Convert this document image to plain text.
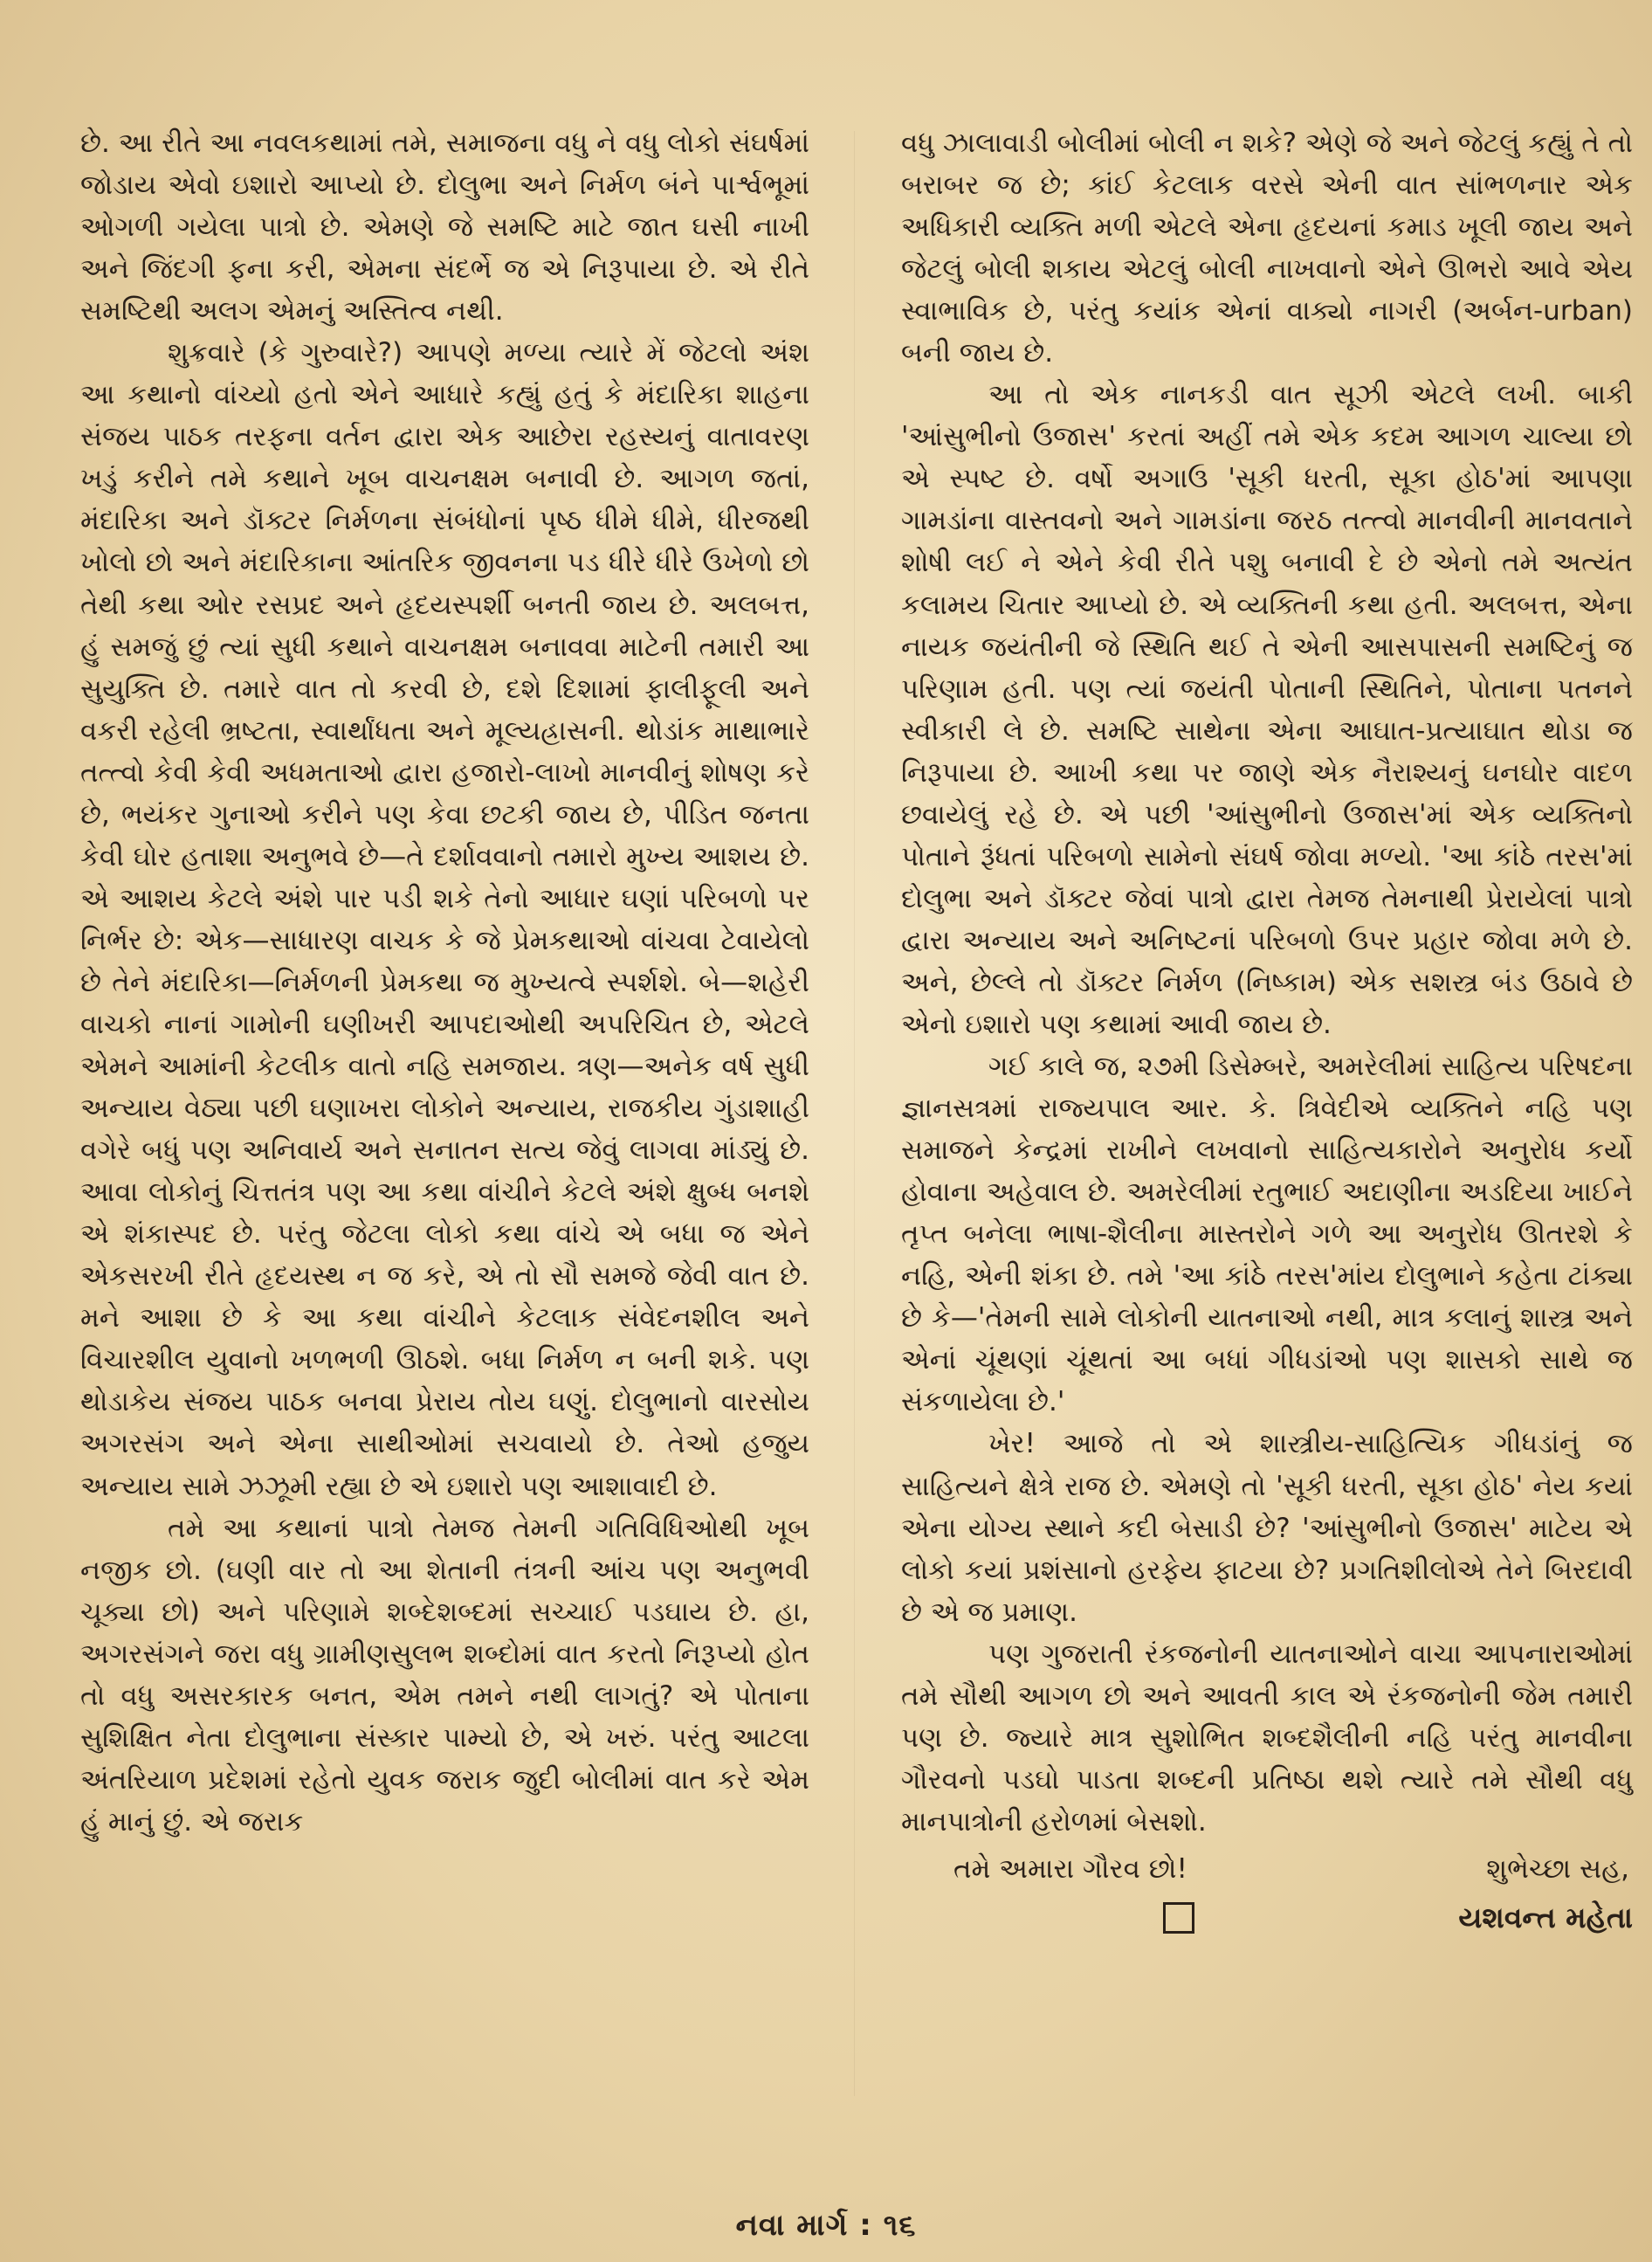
છે. આ રીતે આ નવલકથામાં તમે, સમાજના વધુ ને વધુ લોકો સંઘર્ષમાં જોડાય એવો ઇશારો આપ્યો છે. દોલુભા અને નિર્મળ બંને પાર્શ્વભૂમાં ઓગળી ગયેલા પાત્રો છે. એમણે જે સમષ્ટિ માટે જાત ઘસી નાખી અને જિંદગી ફના કરી, એમના સંદર્ભે જ એ નિરૂપાયા છે. એ રીતે સમષ્ટિથી અલગ એમનું અસ્તિત્વ નથી.

શુક્રવારે (કે ગુરુવારે?) આપણે મળ્યા ત્યારે મેં જેટલો અંશ આ કથાનો વાંચ્યો હતો એને આધારે કહ્યું હતું કે મંદારિકા શાહના સંજય પાઠક તરફના વર્તન દ્વારા એક આછેરા રહસ્યનું વાતાવરણ ખડું કરીને તમે કથાને ખૂબ વાચનક્ષમ બનાવી છે. આગળ જતાં, મંદારિકા અને ડૉક્ટર નિર્મળના સંબંધોનાં પૃષ્ઠ ધીમે ધીમે, ધીરજથી ખોલો છો અને મંદારિકાના આંતરિક જીવનના પડ ધીરે ધીરે ઉખેળો છો તેથી કથા ઓર રસપ્રદ અને હૃદયસ્પર્શી બનતી જાય છે. અલબત્ત, હું સમજું છું ત્યાં સુધી કથાને વાચનક્ષમ બનાવવા માટેની તમારી આ સુયુક્તિ છે. તમારે વાત તો કરવી છે, દશે દિશામાં ફાલીફૂલી અને વકરી રહેલી ભ્રષ્ટતા, સ્વાર્થાંધતા અને મૂલ્યહ્રાસની. થોડાંક માથાભારે તત્ત્વો કેવી કેવી અધમતાઓ દ્વારા હજારો-લાખો માનવીનું શોષણ કરે છે, ભયંકર ગુનાઓ કરીને પણ કેવા છટકી જાય છે, પીડિત જનતા કેવી ઘોર હતાશા અનુભવે છે—તે દર્શાવવાનો તમારો મુખ્ય આશય છે. એ આશય કેટલે અંશે પાર પડી શકે તેનો આધાર ઘણાં પરિબળો પર નિર્ભર છે: એક—સાધારણ વાચક કે જે પ્રેમકથાઓ વાંચવા ટેવાયેલો છે તેને મંદારિકા—નિર્મળની પ્રેમકથા જ મુખ્યત્વે સ્પર્શશે. બે—શહેરી વાચકો નાનાં ગામોની ઘણીખરી આપદાઓથી અપરિચિત છે, એટલે એમને આમાંની કેટલીક વાતો નહિ સમજાય. ત્રણ—અનેક વર્ષ સુધી અન્યાય વેઠ્યા પછી ઘણાખરા લોકોને અન્યાય, રાજકીય ગુંડાશાહી વગેરે બધું પણ અનિવાર્ય અને સનાતન સત્ય જેવું લાગવા માંડ્યું છે. આવા લોકોનું ચિત્તતંત્ર પણ આ કથા વાંચીને કેટલે અંશે ક્ષુબ્ધ બનશે એ શંકાસ્પદ છે. પરંતુ જેટલા લોકો કથા વાંચે એ બધા જ એને એકસરખી રીતે હૃદયસ્થ ન જ કરે, એ તો સૌ સમજે જેવી વાત છે. મને આશા છે કે આ કથા વાંચીને કેટલાક સંવેદનશીલ અને વિચારશીલ યુવાનો ખળભળી ઊઠશે. બધા નિર્મળ ન બની શકે. પણ થોડાકેય સંજય પાઠક બનવા પ્રેરાય તોય ઘણું. દોલુભાનો વારસોય અગરસંગ અને એના સાથીઓમાં સચવાયો છે. તેઓ હજુય અન્યાય સામે ઝઝૂમી રહ્યા છે એ ઇશારો પણ આશાવાદી છે.

તમે આ કથાનાં પાત્રો તેમજ તેમની ગતિવિધિઓથી ખૂબ નજીક છો. (ઘણી વાર તો આ શેતાની તંત્રની આંચ પણ અનુભવી ચૂક્યા છો) અને પરિણામે શબ્દેશબ્દમાં સચ્ચાઈ પડઘાય છે. હા, અગરસંગને જરા વધુ ગ્રામીણસુલભ શબ્દોમાં વાત કરતો નિરૂપ્યો હોત તો વધુ અસરકારક બનત, એમ તમને નથી લાગતું? એ પોતાના સુશિક્ષિત નેતા દોલુભાના સંસ્કાર પામ્યો છે, એ ખરું. પરંતુ આટલા અંતરિયાળ પ્રદેશમાં રહેતો યુવક જરાક જુદી બોલીમાં વાત કરે એમ હું માનું છું. એ જરાક

વધુ ઝાલાવાડી બોલીમાં બોલી ન શકે? એણે જે અને જેટલું કહ્યું તે તો બરાબર જ છે; કાંઈ કેટલાક વરસે એની વાત સાંભળનાર એક અધિકારી વ્યક્તિ મળી એટલે એના હૃદયનાં કમાડ ખૂલી જાય અને જેટલું બોલી શકાય એટલું બોલી નાખવાનો એને ઊભરો આવે એય સ્વાભાવિક છે, પરંતુ કયાંક એનાં વાક્યો નાગરી (અર્બન-urban) બની જાય છે.

આ તો એક નાનકડી વાત સૂઝી એટલે લખી. બાકી 'આંસુભીનો ઉજાસ' કરતાં અહીં તમે એક કદમ આગળ ચાલ્યા છો એ સ્પષ્ટ છે. વર્ષો અગાઉ 'સૂકી ધરતી, સૂકા હોઠ'માં આપણા ગામડાંના વાસ્તવનો અને ગામડાંના જરઠ તત્ત્વો માનવીની માનવતાને શોષી લઈ ને એને કેવી રીતે પશુ બનાવી દે છે એનો તમે અત્યંત કલામય ચિતાર આપ્યો છે. એ વ્યક્તિની કથા હતી. અલબત્ત, એના નાયક જયંતીની જે સ્થિતિ થઈ તે એની આસપાસની સમષ્ટિનું જ પરિણામ હતી. પણ ત્યાં જયંતી પોતાની સ્થિતિને, પોતાના પતનને સ્વીકારી લે છે. સમષ્ટિ સાથેના એના આઘાત-પ્રત્યાઘાત થોડા જ નિરૂપાયા છે. આખી કથા પર જાણે એક નૈરાશ્યનું ઘનઘોર વાદળ છવાયેલું રહે છે. એ પછી 'આંસુભીનો ઉજાસ'માં એક વ્યક્તિનો પોતાને રૂંધતાં પરિબળો સામેનો સંઘર્ષ જોવા મળ્યો. 'આ કાંઠે તરસ'માં દોલુભા અને ડૉક્ટર જેવાં પાત્રો દ્વારા તેમજ તેમનાથી પ્રેરાયેલાં પાત્રો દ્વારા અન્યાય અને અનિષ્ટનાં પરિબળો ઉપર પ્રહાર જોવા મળે છે. અને, છેલ્લે તો ડૉક્ટર નિર્મળ (નિષ્કામ) એક સશસ્ત્ર બંડ ઉઠાવે છે એનો ઇશારો પણ કથામાં આવી જાય છે.

ગઈ કાલે જ, ૨૭મી ડિસેમ્બરે, અમરેલીમાં સાહિત્ય પરિષદના જ્ઞાનસત્રમાં રાજ્યપાલ આર. કે. ત્રિવેદીએ વ્યક્તિને નહિ પણ સમાજને કેન્દ્રમાં રાખીને લખવાનો સાહિત્યકારોને અનુરોધ કર્યો હોવાના અહેવાલ છે. અમરેલીમાં રતુભાઈ અદાણીના અડદિયા ખાઈને તૃપ્ત બનેલા ભાષા-શૈલીના માસ્તરોને ગળે આ અનુરોધ ઊતરશે કે નહિ, એની શંકા છે. તમે 'આ કાંઠે તરસ'માંય દોલુભાને કહેતા ટાંક્યા છે કે—'તેમની સામે લોકોની યાતનાઓ નથી, માત્ર કલાનું શાસ્ત્ર અને એનાં ચૂંથણાં ચૂંથતાં આ બધાં ગીધડાંઓ પણ શાસકો સાથે જ સંકળાયેલા છે.'

ખેર! આજે તો એ શાસ્ત્રીય-સાહિત્યિક ગીધડાંનું જ સાહિત્યને ક્ષેત્રે રાજ છે. એમણે તો 'સૂકી ધરતી, સૂકા હોઠ' નેય કયાં એના યોગ્ય સ્થાને કદી બેસાડી છે? 'આંસુભીનો ઉજાસ' માટેય એ લોકો કયાં પ્રશંસાનો હરફેય ફાટયા છે? પ્રગતિશીલોએ તેને બિરદાવી છે એ જ પ્રમાણ.

પણ ગુજરાતી રંકજનોની યાતનાઓને વાચા આપનારાઓમાં તમે સૌથી આગળ છો અને આવતી કાલ એ રંકજનોની જેમ તમારી પણ છે. જ્યારે માત્ર સુશોભિત શબ્દશૈલીની નહિ પરંતુ માનવીના ગૌરવનો પડઘો પાડતા શબ્દની પ્રતિષ્ઠા થશે ત્યારે તમે સૌથી વધુ માનપાત્રોની હરોળમાં બેસશો.

તમે અમારા ગૌરવ છો!	શુભેચ્છા સહ,
યશવન્ત મહેતા
નવા માર્ગ : ૧૬
